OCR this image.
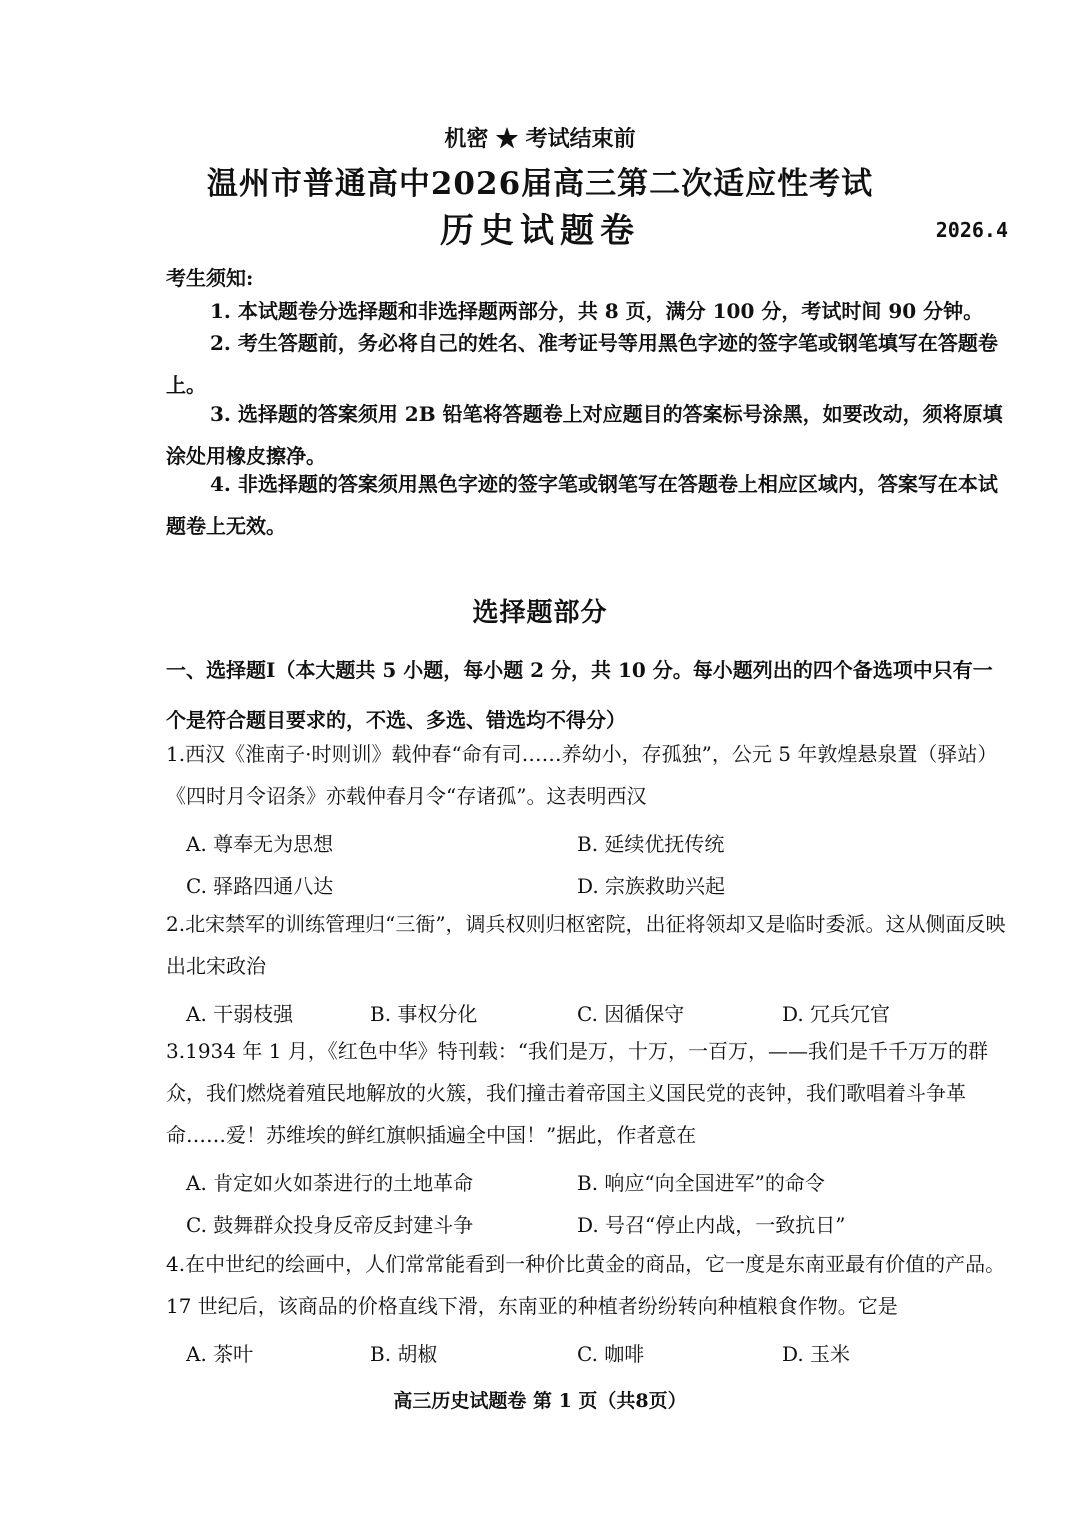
机密 ★ 考试结束前
温州市普通高中2026届高三第二次适应性考试
历史试题卷	2026.4
考生须知:
1. 本试题卷分选择题和非选择题两部分，共 8 页，满分 100 分，考试时间 90 分钟。
2. 考生答题前，务必将自己的姓名、准考证号等用黑色字迹的签字笔或钢笔填写在答题卷上。
3. 选择题的答案须用 2B 铅笔将答题卷上对应题目的答案标号涂黑，如要改动，须将原填涂处用橡皮擦净。
4. 非选择题的答案须用黑色字迹的签字笔或钢笔写在答题卷上相应区域内，答案写在本试题卷上无效。
选择题部分
一、选择题Ⅰ（本大题共 5 小题，每小题 2 分，共 10 分。每小题列出的四个备选项中只有一个是符合题目要求的，不选、多选、错选均不得分）
1.西汉《淮南子·时则训》载仲春“命有司……养幼小，存孤独”，公元 5 年敦煌悬泉置（驿站）《四时月令诏条》亦载仲春月令“存诸孤”。这表明西汉
A. 尊奉无为思想	B. 延续优抚传统
C. 驿路四通八达	D. 宗族救助兴起
2.北宋禁军的训练管理归“三衙”，调兵权则归枢密院，出征将领却又是临时委派。这从侧面反映出北宋政治
A. 干弱枝强	B. 事权分化	C. 因循保守	D. 冗兵冗官
3.1934 年 1 月，《红色中华》特刊载：“我们是万，十万，一百万，——我们是千千万万的群众，我们燃烧着殖民地解放的火簇，我们撞击着帝国主义国民党的丧钟，我们歌唱着斗争革命……爱！苏维埃的鲜红旗帜插遍全中国！”据此，作者意在
A. 肯定如火如荼进行的土地革命	B. 响应“向全国进军”的命令
C. 鼓舞群众投身反帝反封建斗争	D. 号召“停止内战，一致抗日”
4.在中世纪的绘画中，人们常常能看到一种价比黄金的商品，它一度是东南亚最有价值的产品。17 世纪后，该商品的价格直线下滑，东南亚的种植者纷纷转向种植粮食作物。它是
A. 茶叶	B. 胡椒	C. 咖啡	D. 玉米
高三历史试题卷 第 1 页（共8页）
